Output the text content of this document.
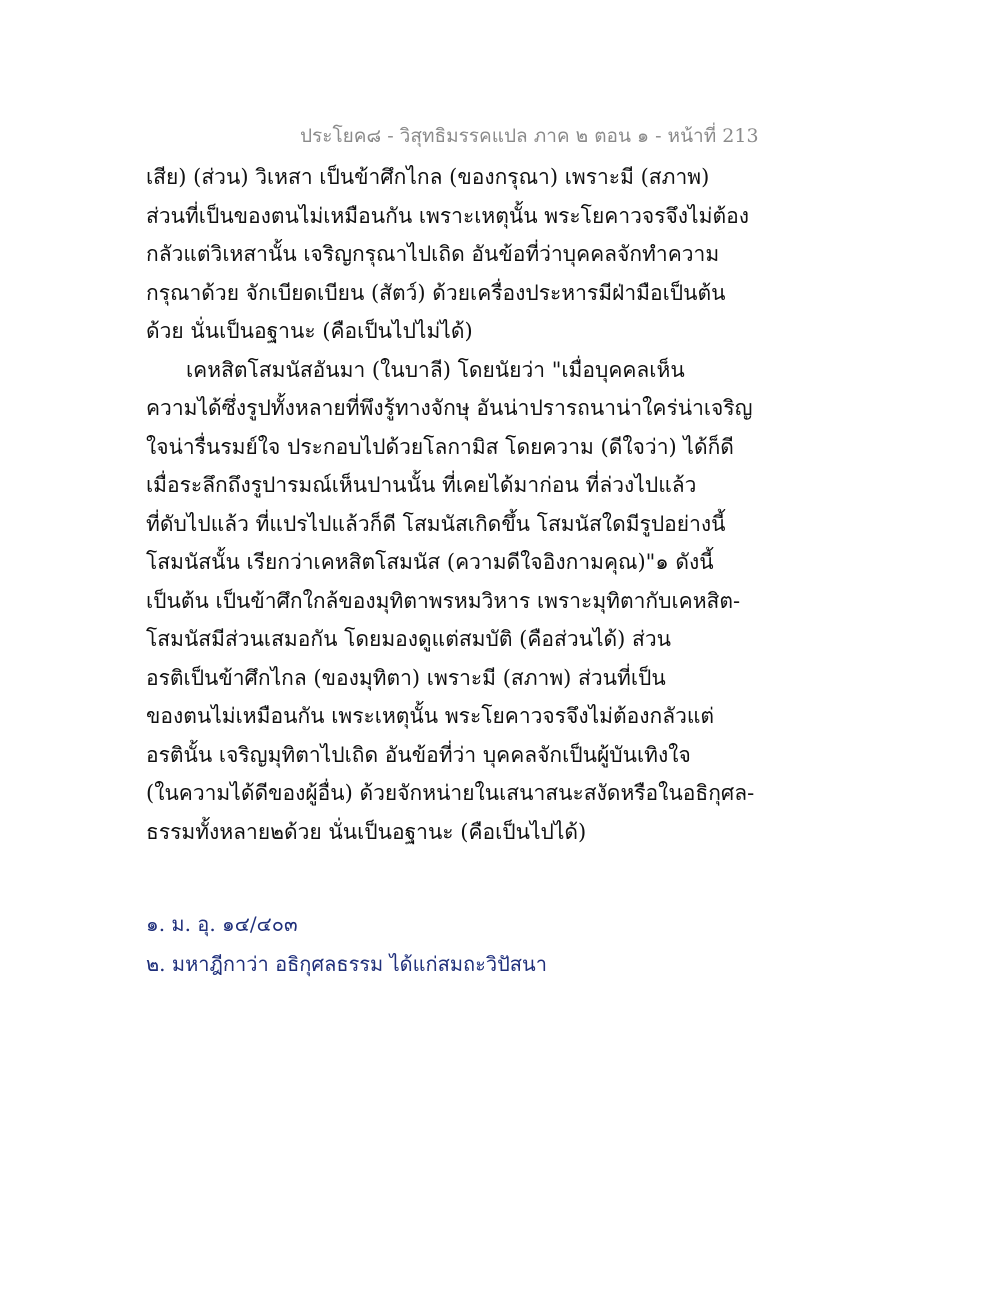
ประโยค๘ - วิสุทธิมรรคแปล ภาค ๒ ตอน ๑ - หน้าที่ 213
เสีย) (ส่วน) วิเหสา เป็นข้าศึกไกล (ของกรุณา) เพราะมี (สภาพ)
ส่วนที่เป็นของตนไม่เหมือนกัน เพราะเหตุนั้น พระโยคาวจรจึงไม่ต้อง
กลัวแต่วิเหสานั้น เจริญกรุณาไปเถิด อันข้อที่ว่าบุคคลจักทำความ
กรุณาด้วย จักเบียดเบียน (สัตว์) ด้วยเครื่องประหารมีฝ่ามือเป็นต้น
ด้วย นั่นเป็นอฐานะ (คือเป็นไปไม่ได้)
เคหสิตโสมนัสอันมา (ในบาลี) โดยนัยว่า "เมื่อบุคคลเห็น
ความได้ซึ่งรูปทั้งหลายที่พึงรู้ทางจักษุ อันน่าปรารถนาน่าใคร่น่าเจริญ
ใจน่ารื่นรมย์ใจ ประกอบไปด้วยโลกามิส โดยความ (ดีใจว่า) ได้ก็ดี
เมื่อระลึกถึงรูปารมณ์เห็นปานนั้น ที่เคยได้มาก่อน ที่ล่วงไปแล้ว
ที่ดับไปแล้ว ที่แปรไปแล้วก็ดี โสมนัสเกิดขึ้น โสมนัสใดมีรูปอย่างนี้
โสมนัสนั้น เรียกว่าเคหสิตโสมนัส (ความดีใจอิงกามคุณ)"๑ ดังนี้
เป็นต้น เป็นข้าศึกใกล้ของมุทิตาพรหมวิหาร เพราะมุทิตากับเคหสิต-
โสมนัสมีส่วนเสมอกัน โดยมองดูแต่สมบัติ (คือส่วนได้) ส่วน
อรติเป็นข้าศึกไกล (ของมุทิตา) เพราะมี (สภาพ) ส่วนที่เป็น
ของตนไม่เหมือนกัน เพระเหตุนั้น พระโยคาวจรจึงไม่ต้องกลัวแต่
อรตินั้น เจริญมุทิตาไปเถิด อันข้อที่ว่า บุคคลจักเป็นผู้บันเทิงใจ
(ในความได้ดีของผู้อื่น) ด้วยจักหน่ายในเสนาสนะสงัดหรือในอธิกุศล-
ธรรมทั้งหลาย๒ด้วย นั่นเป็นอฐานะ (คือเป็นไปได้)
๑. ม. อุ. ๑๔/๔๐๓
๒. มหาฎีกาว่า อธิกุศลธรรม ได้แก่สมถะวิปัสนา
